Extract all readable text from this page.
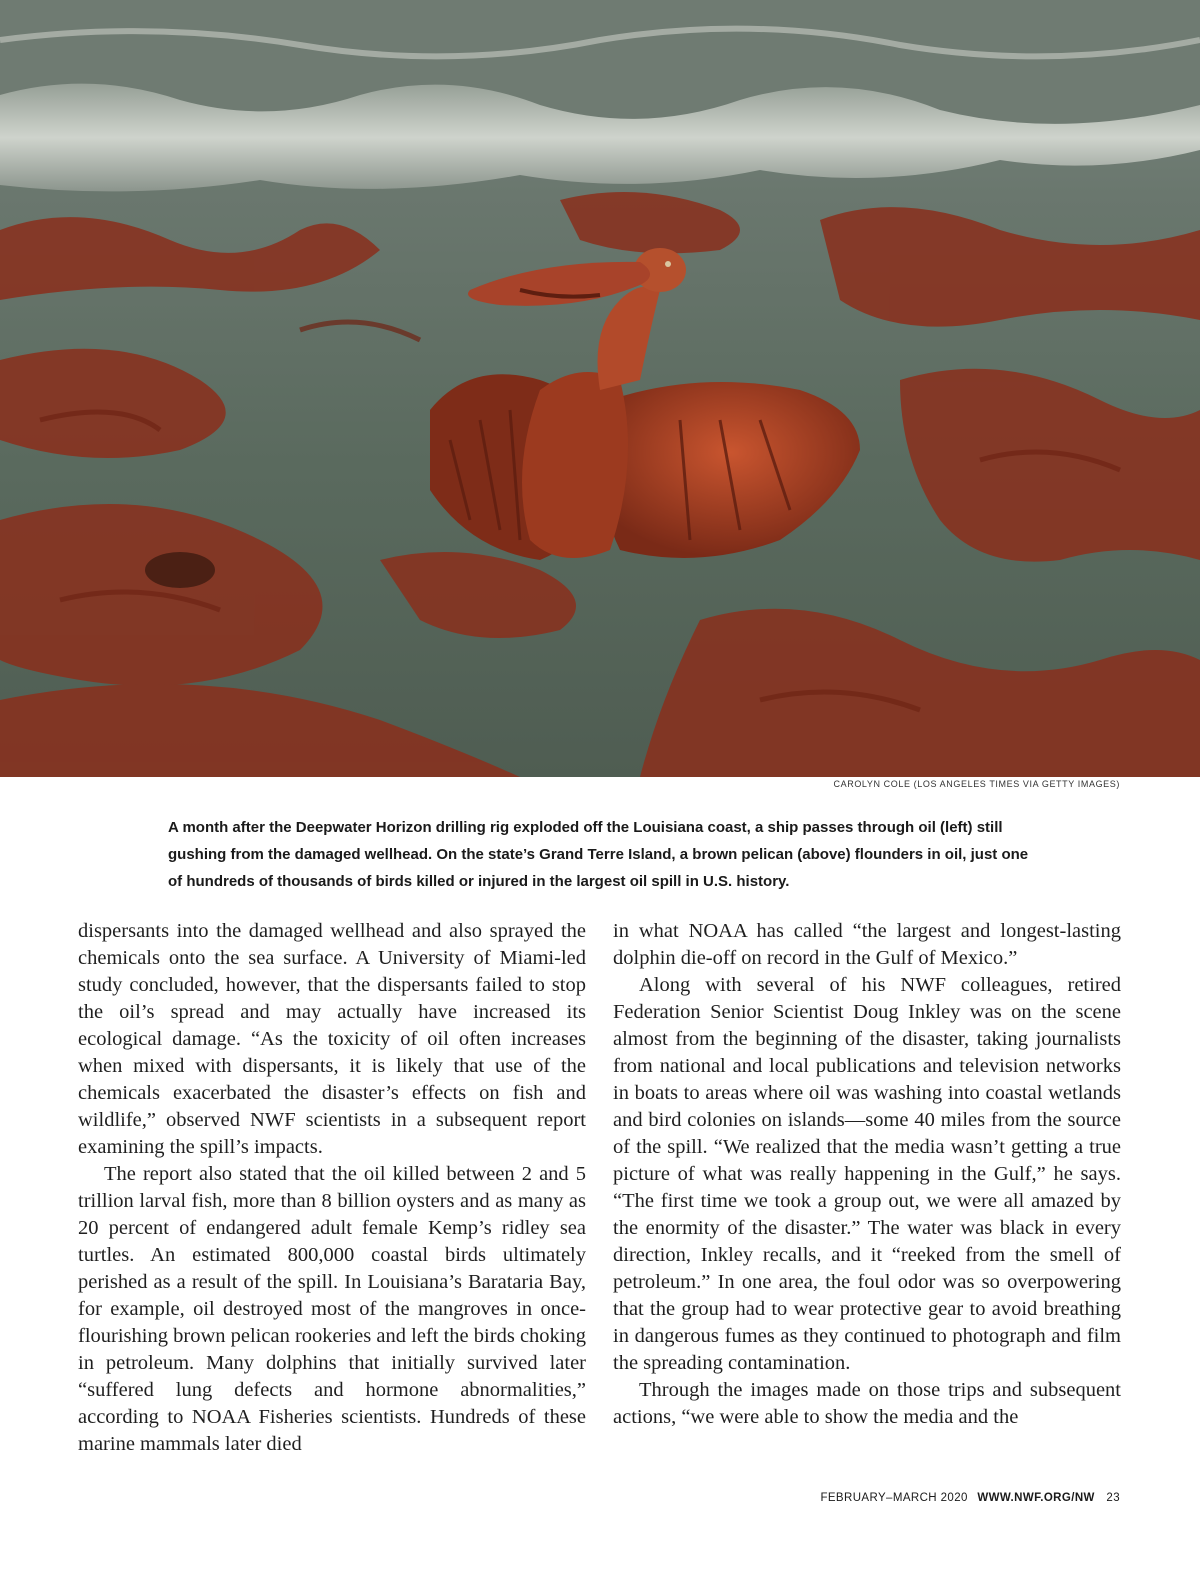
CAROLYN COLE (LOS ANGELES TIMES VIA GETTY IMAGES)

A month after the Deepwater Horizon drilling rig exploded off the Louisiana coast, a ship passes through oil (left) still gushing from the damaged wellhead. On the state’s Grand Terre Island, a brown pelican (above) flounders in oil, just one of hundreds of thousands of birds killed or injured in the largest oil spill in U.S. history.

dispersants into the damaged wellhead and also sprayed the chemicals onto the sea surface. A University of Miami-led study concluded, however, that the dispersants failed to stop the oil’s spread and may actually have increased its ecological damage. “As the toxicity of oil often increases when mixed with dispersants, it is likely that use of the chemicals exacerbated the disaster’s effects on fish and wildlife,” observed NWF scientists in a subsequent report examining the spill’s impacts.

The report also stated that the oil killed between 2 and 5 trillion larval fish, more than 8 billion oysters and as many as 20 percent of endangered adult female Kemp’s ridley sea turtles. An estimated 800,000 coastal birds ultimately perished as a result of the spill. In Louisiana’s Barataria Bay, for example, oil destroyed most of the mangroves in once-flourishing brown pelican rookeries and left the birds choking in petroleum. Many dolphins that initially survived later “suffered lung defects and hormone abnormalities,” according to NOAA Fisheries scientists. Hundreds of these marine mammals later died

in what NOAA has called “the largest and longest-lasting dolphin die-off on record in the Gulf of Mexico.”

Along with several of his NWF colleagues, retired Federation Senior Scientist Doug Inkley was on the scene almost from the beginning of the disaster, taking journalists from national and local publications and television networks in boats to areas where oil was washing into coastal wetlands and bird colonies on islands—some 40 miles from the source of the spill. “We realized that the media wasn’t getting a true picture of what was really happening in the Gulf,” he says. “The first time we took a group out, we were all amazed by the enormity of the disaster.” The water was black in every direction, Inkley recalls, and it “reeked from the smell of petroleum.” In one area, the foul odor was so overpowering that the group had to wear protective gear to avoid breathing in dangerous fumes as they continued to photograph and film the spreading contamination.

Through the images made on those trips and subsequent actions, “we were able to show the media and the

FEBRUARY–MARCH 2020 WWW.NWF.ORG/NW 23
